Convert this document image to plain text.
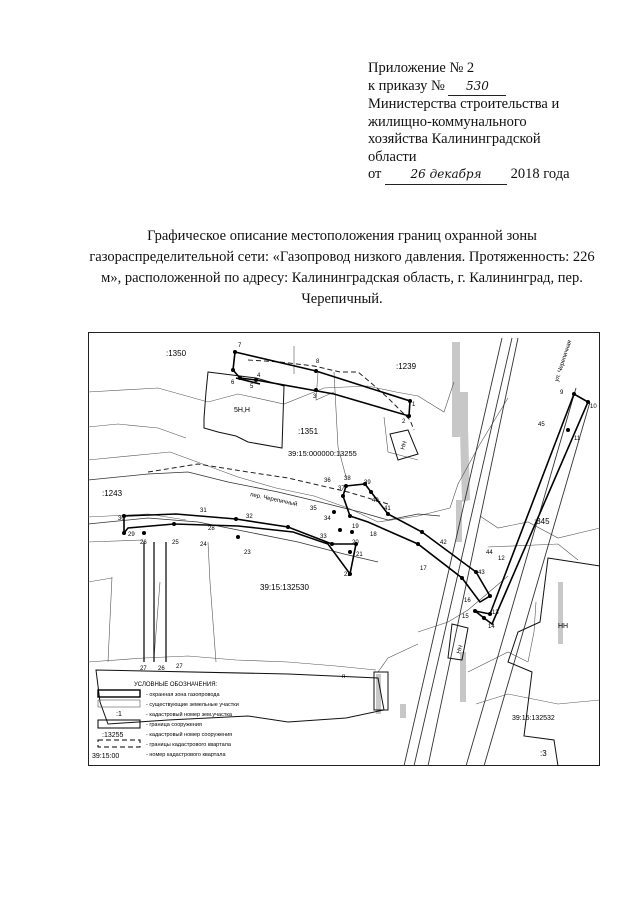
Приложение № 2
к приказу № 530
Министерства строительства и
жилищно-коммунального
хозяйства Калининградской
области
от 26 декабря 2018 года
Графическое описание местоположения границ охранной зоны газораспределительной сети: «Газопровод низкого давления. Протяженность: 226 м», расположенной по адресу: Калининградская область, г. Калининград, пер. Черепичный.
7
8
1
2
3
4
5
6
9
10
11
45
44
12
43
13
14
15
16
17
18
19
20
21
22
23
24
25
26
27 26 27
30
31
32
33
34
35
36
37
38
39
40
41
42
29
28
:1350
:1239
:1351
:1243
:345
:3
39:15:132530
39:15:132532
39:15:000000:13255
пер. Черепичный
ул. Черепичная
5Н,Н
НН
НН
НН
п
УСЛОВНЫЕ ОБОЗНАЧЕНИЯ:
- охранная зона газопровода
- существующие земельные участки
:1	- кадастровый номер зем.участка
- граница сооружения
:13255	- кадастровый номер сооружения
- границы кадастрового квартала
39:15:00	- номер кадастрового квартала
